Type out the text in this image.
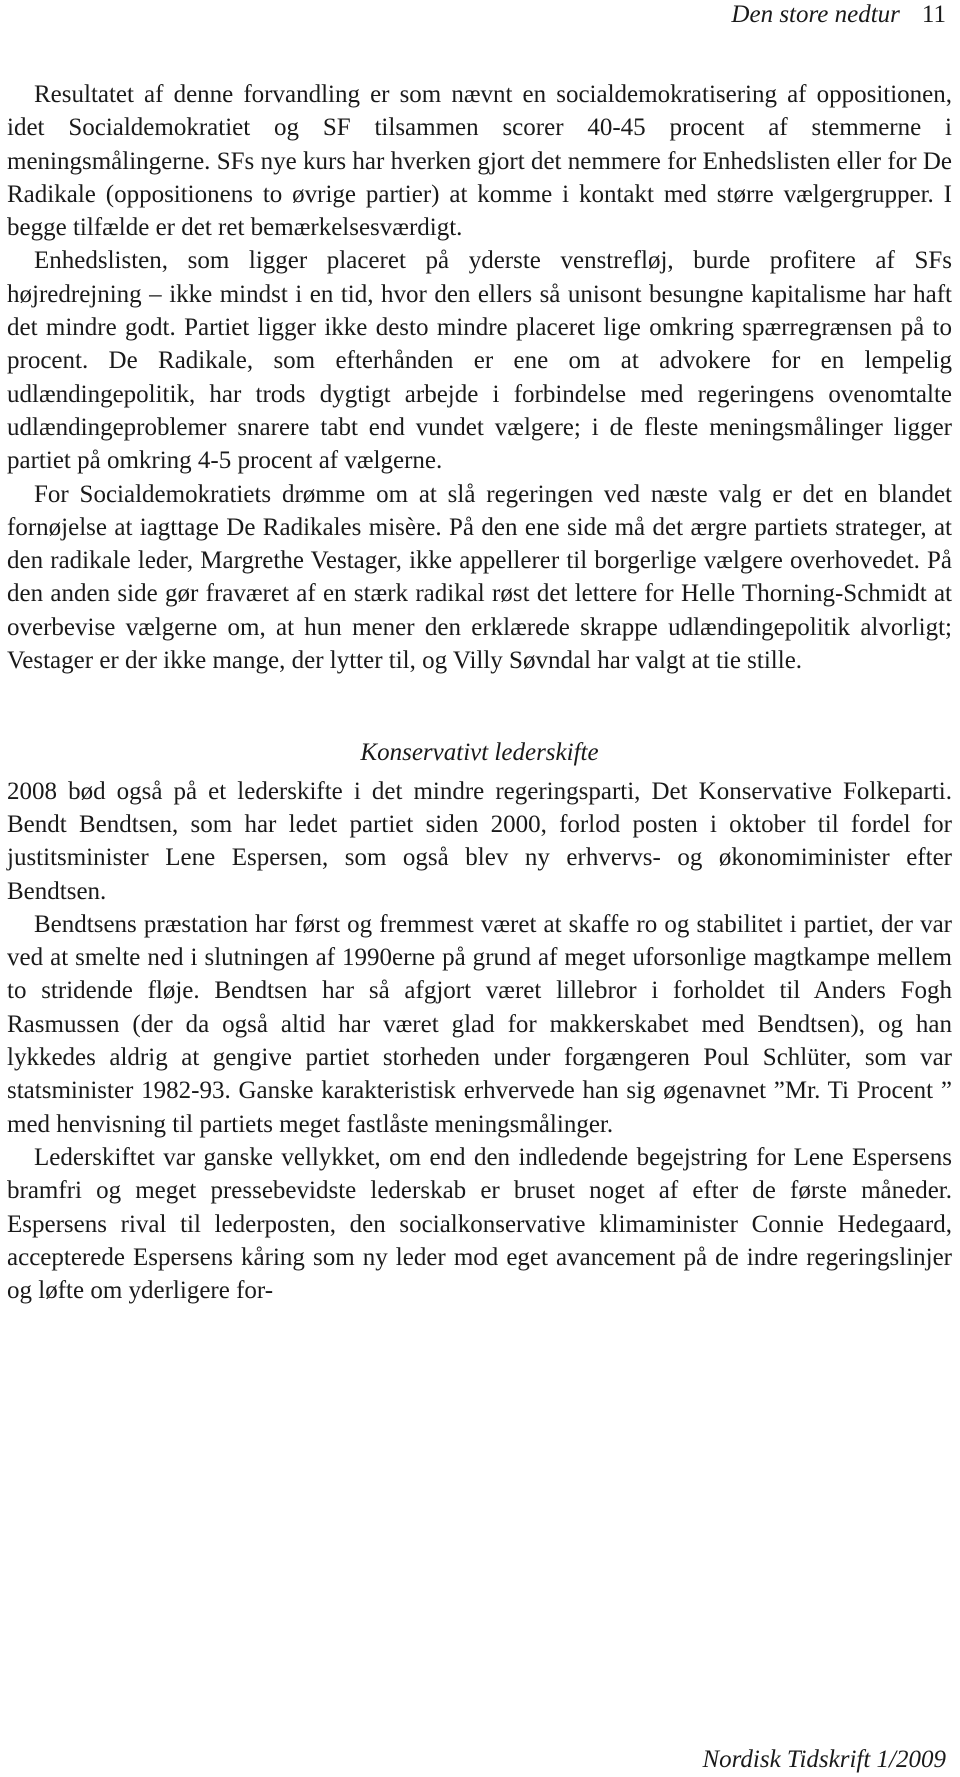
Den store nedtur 11

Resultatet af denne forvandling er som nævnt en socialdemokratisering af oppositionen, idet Socialdemokratiet og SF tilsammen scorer 40-45 procent af stemmerne i meningsmålingerne. SFs nye kurs har hverken gjort det nemmere for Enhedslisten eller for De Radikale (oppositionens to øvrige partier) at komme i kontakt med større vælgergrupper. I begge tilfælde er det ret bemærkelsesværdigt.

Enhedslisten, som ligger placeret på yderste venstrefløj, burde profitere af SFs højredrejning – ikke mindst i en tid, hvor den ellers så unisont besungne kapitalisme har haft det mindre godt. Partiet ligger ikke desto mindre placeret lige omkring spærregrænsen på to procent. De Radikale, som efterhånden er ene om at advokere for en lempelig udlændingepolitik, har trods dygtigt arbejde i forbindelse med regeringens ovenomtalte udlændingeproblemer snarere tabt end vundet vælgere; i de fleste meningsmålinger ligger partiet på omkring 4-5 procent af vælgerne.

For Socialdemokratiets drømme om at slå regeringen ved næste valg er det en blandet fornøjelse at iagttage De Radikales misère. På den ene side må det ærgre partiets strateger, at den radikale leder, Margrethe Vestager, ikke appellerer til borgerlige vælgere overhovedet. På den anden side gør fraværet af en stærk radikal røst det lettere for Helle Thorning-Schmidt at overbevise vælgerne om, at hun mener den erklærede skrappe udlændingepolitik alvorligt; Vestager er der ikke mange, der lytter til, og Villy Søvndal har valgt at tie stille.

Konservativt lederskifte

2008 bød også på et lederskifte i det mindre regeringsparti, Det Konservative Folkeparti. Bendt Bendtsen, som har ledet partiet siden 2000, forlod posten i oktober til fordel for justitsminister Lene Espersen, som også blev ny erhvervs- og økonomiminister efter Bendtsen.

Bendtsens præstation har først og fremmest været at skaffe ro og stabilitet i partiet, der var ved at smelte ned i slutningen af 1990erne på grund af meget uforsonlige magtkampe mellem to stridende fløje. Bendtsen har så afgjort været lillebror i forholdet til Anders Fogh Rasmussen (der da også altid har været glad for makkerskabet med Bendtsen), og han lykkedes aldrig at gengive partiet storheden under forgængeren Poul Schlüter, som var statsminister 1982-93. Ganske karakteristisk erhvervede han sig øgenavnet ”Mr. Ti Procent ” med henvisning til partiets meget fastlåste meningsmålinger.

Lederskiftet var ganske vellykket, om end den indledende begejstring for Lene Espersens bramfri og meget pressebevidste lederskab er bruset noget af efter de første måneder. Espersens rival til lederposten, den socialkonservative klimaminister Connie Hedegaard, accepterede Espersens kåring som ny leder mod eget avancement på de indre regeringslinjer og løfte om yderligere for-

Nordisk Tidskrift 1/2009
